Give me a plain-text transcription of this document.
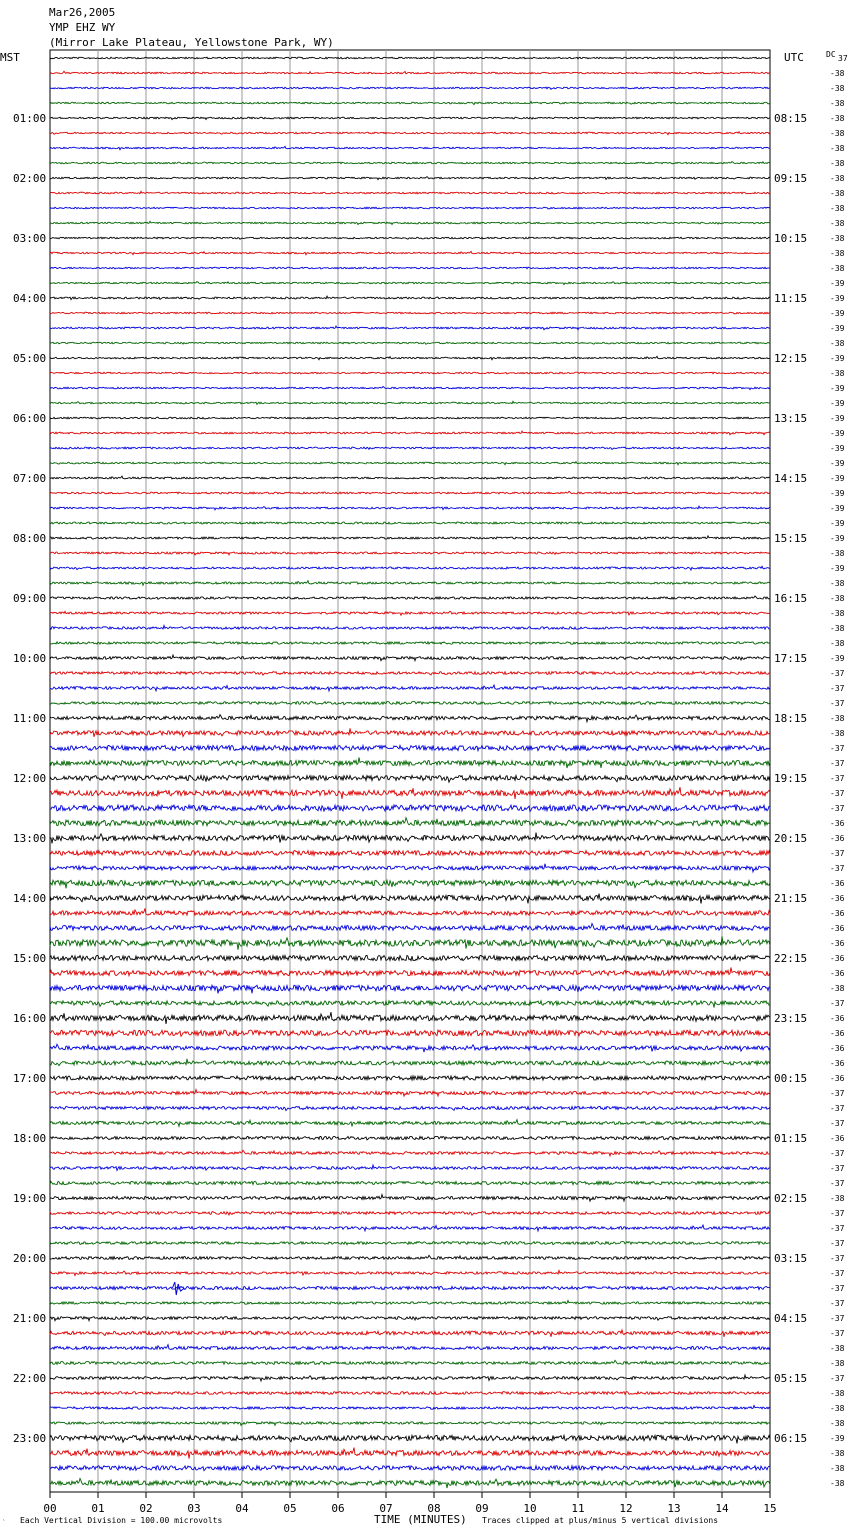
Mar26,2005
YMP EHZ WY
(Mirror Lake Plateau, Yellowstone Park, WY)
MST	UTC	DC
01:00
02:00
03:00
04:00
05:00
06:00
07:00
08:00
09:00
10:00
11:00
12:00
13:00
14:00
15:00
16:00
17:00
18:00
19:00
20:00
21:00
22:00
23:00
08:15
09:15
10:15
11:15
12:15
13:15
14:15
15:15
16:15
17:15
18:15
19:15
20:15
21:15
22:15
23:15
00:15
01:15
02:15
03:15
04:15
05:15
06:15
37
-38
-38
-38
-38
-38
-38
-38
-38
-38
-38
-38
-38
-38
-38
-39
-39
-39
-39
-38
-39
-38
-39
-39
-39
-39
-39
-39
-39
-39
-39
-39
-39
-38
-39
-38
-38
-38
-38
-38
-39
-37
-37
-37
-38
-38
-37
-37
-37
-37
-37
-36
-36
-37
-37
-36
-36
-36
-36
-36
-36
-36
-38
-37
-36
-36
-36
-36
-36
-37
-37
-37
-36
-37
-37
-37
-38
-37
-37
-37
-37
-37
-37
-37
-37
-37
-38
-38
-37
-38
-38
-38
-39
-38
-38
-38
00	01	02	03	04	05	06	07	08	09	10	11	12	13	14	15
‵ Each Vertical Division = 100.00 microvolts	TIME (MINUTES) Traces clipped at plus/minus 5 vertical divisions
